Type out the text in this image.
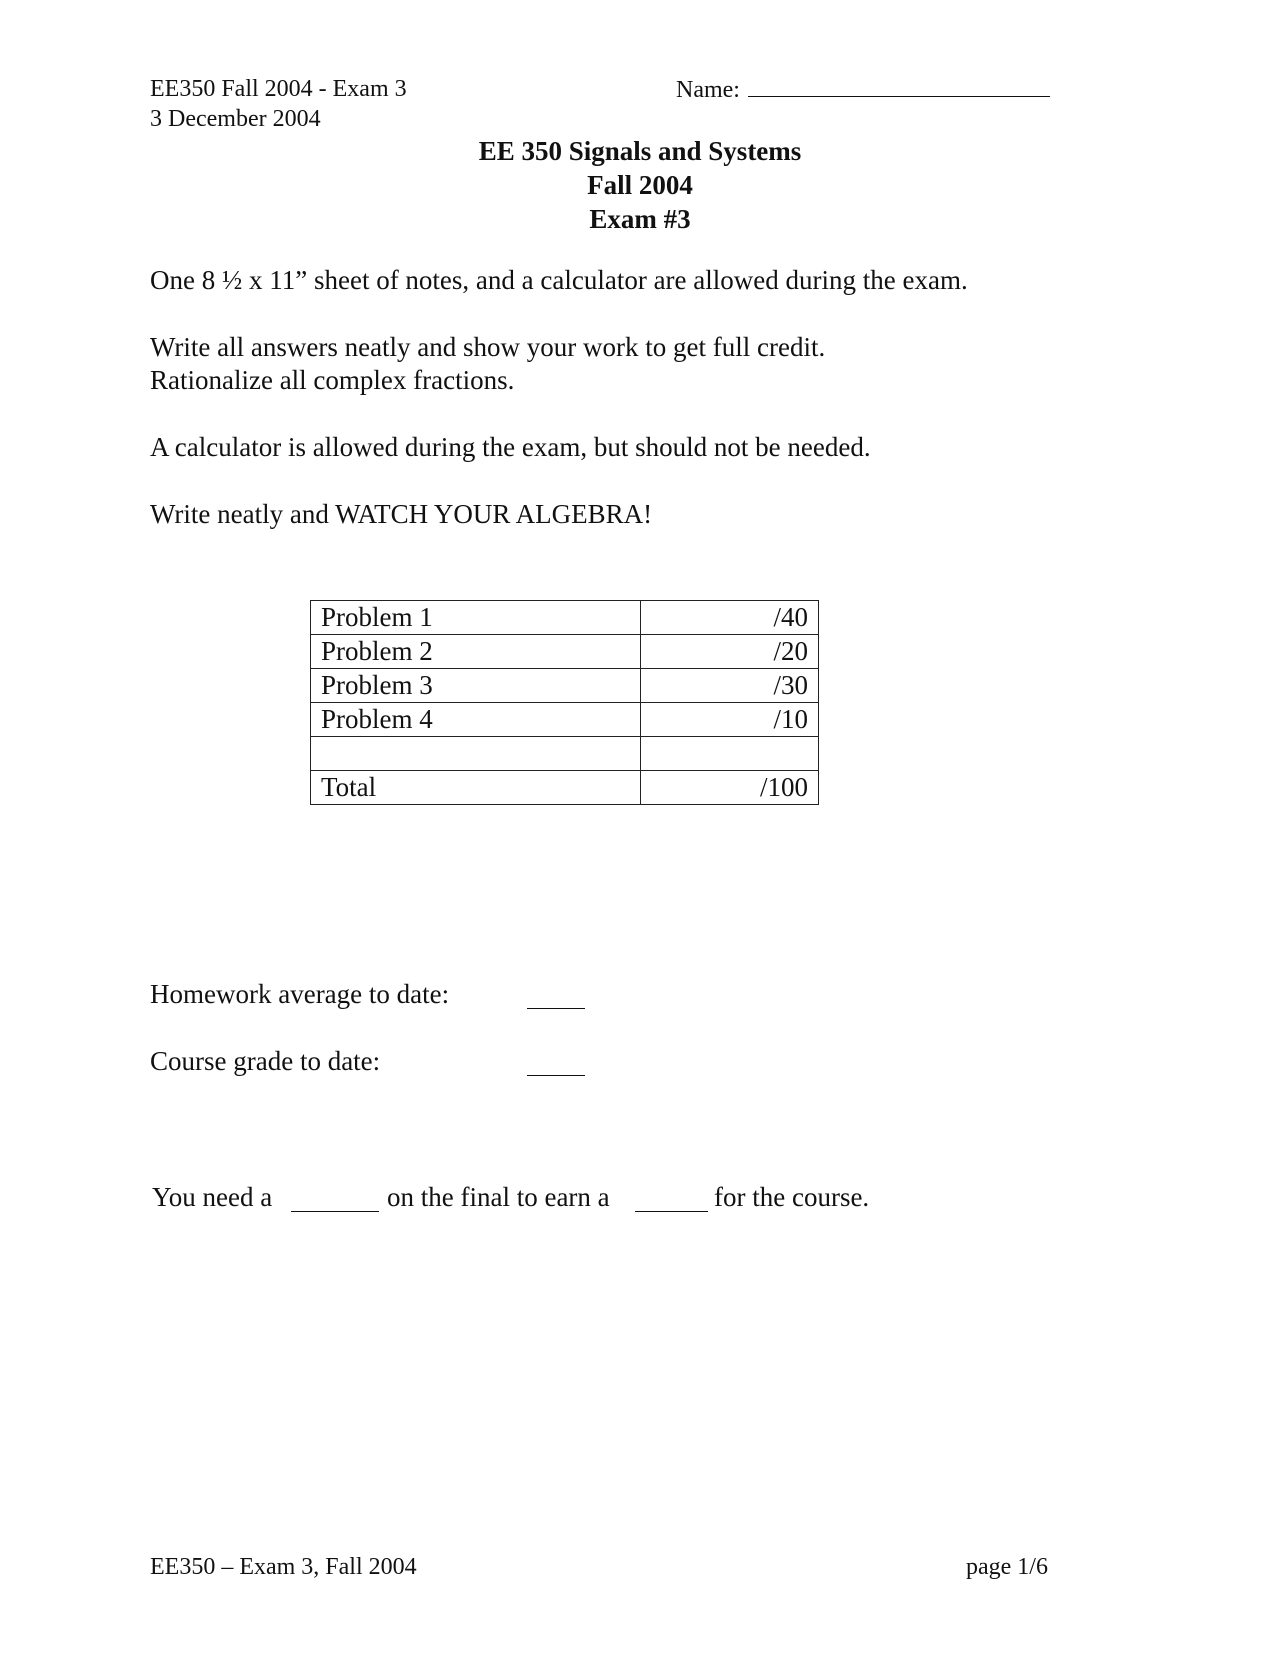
EE350 Fall 2004 - Exam 3
3 December 2004
Name:
EE 350 Signals and Systems
Fall 2004
Exam #3
One 8 ½ x 11” sheet of notes, and a calculator are allowed during the exam.
Write all answers neatly and show your work to get full credit.
Rationalize all complex fractions.
A calculator is allowed during the exam, but should not be needed.
Write neatly and WATCH YOUR ALGEBRA!
Problem 1	/40
Problem 2	/20
Problem 3	/30
Problem 4	/10

Total	/100
Homework average to date:
Course grade to date:
You need a	on the final to earn a	for the course.
EE350 – Exam 3, Fall 2004	page 1/6
